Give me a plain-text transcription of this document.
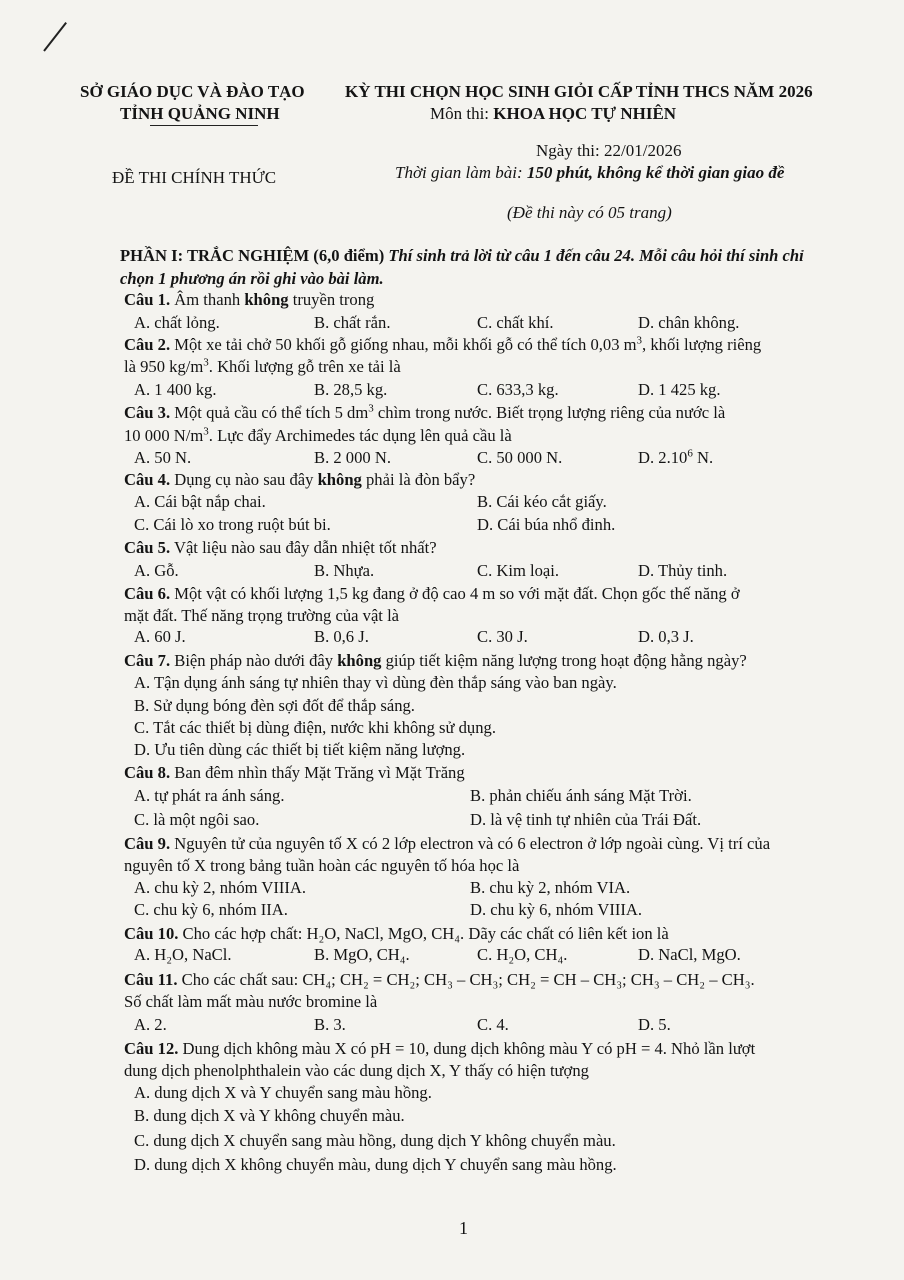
SỞ GIÁO DỤC VÀ ĐÀO TẠO
TỈNH QUẢNG NINH
KỲ THI CHỌN HỌC SINH GIỎI CẤP TỈNH THCS NĂM 2026
Môn thi: KHOA HỌC TỰ NHIÊN
Ngày thi: 22/01/2026
ĐỀ THI CHÍNH THỨC	Thời gian làm bài: 150 phút, không kể thời gian giao đề
(Đề thi này có 05 trang)
PHẦN I: TRẮC NGHIỆM (6,0 điểm) Thí sinh trả lời từ câu 1 đến câu 24. Mỗi câu hỏi thí sinh chỉ
chọn 1 phương án rồi ghi vào bài làm.
Câu 1. Âm thanh không truyền trong
A. chất lỏng.	B. chất rắn.	C. chất khí.	D. chân không.
Câu 2. Một xe tải chở 50 khối gỗ giống nhau, mỗi khối gỗ có thể tích 0,03 $m^3$, khối lượng riêng
là 950 $kg/m^3$. Khối lượng gỗ trên xe tải là
A. 1 400 kg.	B. 28,5 kg.	C. 633,3 kg.	D. 1 425 kg.
Câu 3. Một quả cầu có thể tích 5 $dm^3$ chìm trong nước. Biết trọng lượng riêng của nước là
10 000 $N/m^3$. Lực đẩy Archimedes tác dụng lên quả cầu là
A. 50 N.	B. 2 000 N.	C. 50 000 N.	D. 2.10$^6$ N.
Câu 4. Dụng cụ nào sau đây không phải là đòn bẩy?
A. Cái bật nắp chai.	B. Cái kéo cắt giấy.
C. Cái lò xo trong ruột bút bi.	D. Cái búa nhổ đinh.
Câu 5. Vật liệu nào sau đây dẫn nhiệt tốt nhất?
A. Gỗ.	B. Nhựa.	C. Kim loại.	D. Thủy tinh.
Câu 6. Một vật có khối lượng 1,5 kg đang ở độ cao 4 m so với mặt đất. Chọn gốc thế năng ở
mặt đất. Thế năng trọng trường của vật là
A. 60 J.	B. 0,6 J.	C. 30 J.	D. 0,3 J.
Câu 7. Biện pháp nào dưới đây không giúp tiết kiệm năng lượng trong hoạt động hằng ngày?
A. Tận dụng ánh sáng tự nhiên thay vì dùng đèn thắp sáng vào ban ngày.
B. Sử dụng bóng đèn sợi đốt để thắp sáng.
C. Tắt các thiết bị dùng điện, nước khi không sử dụng.
D. Ưu tiên dùng các thiết bị tiết kiệm năng lượng.
Câu 8. Ban đêm nhìn thấy Mặt Trăng vì Mặt Trăng
A. tự phát ra ánh sáng.	B. phản chiếu ánh sáng Mặt Trời.
C. là một ngôi sao.	D. là vệ tinh tự nhiên của Trái Đất.
Câu 9. Nguyên tử của nguyên tố X có 2 lớp electron và có 6 electron ở lớp ngoài cùng. Vị trí của
nguyên tố X trong bảng tuần hoàn các nguyên tố hóa học là
A. chu kỳ 2, nhóm VIIIA.	B. chu kỳ 2, nhóm VIA.
C. chu kỳ 6, nhóm IIA.	D. chu kỳ 6, nhóm VIIIA.
Câu 10. Cho các hợp chất: H₂O, NaCl, MgO, CH₄. Dãy các chất có liên kết ion là
A. H₂O, NaCl.	B. MgO, CH₄.	C. H₂O, CH₄.	D. NaCl, MgO.
Câu 11. Cho các chất sau: CH₄; CH₂ = CH₂; CH₃ – CH₃; CH₂ = CH – CH₃; CH₃ – CH₂ – CH₃.
Số chất làm mất màu nước bromine là
A. 2.	B. 3.	C. 4.	D. 5.
Câu 12. Dung dịch không màu X có pH = 10, dung dịch không màu Y có pH = 4. Nhỏ lần lượt
dung dịch phenolphthalein vào các dung dịch X, Y thấy có hiện tượng
A. dung dịch X và Y chuyển sang màu hồng.
B. dung dịch X và Y không chuyển màu.
C. dung dịch X chuyển sang màu hồng, dung dịch Y không chuyển màu.
D. dung dịch X không chuyển màu, dung dịch Y chuyển sang màu hồng.
1
